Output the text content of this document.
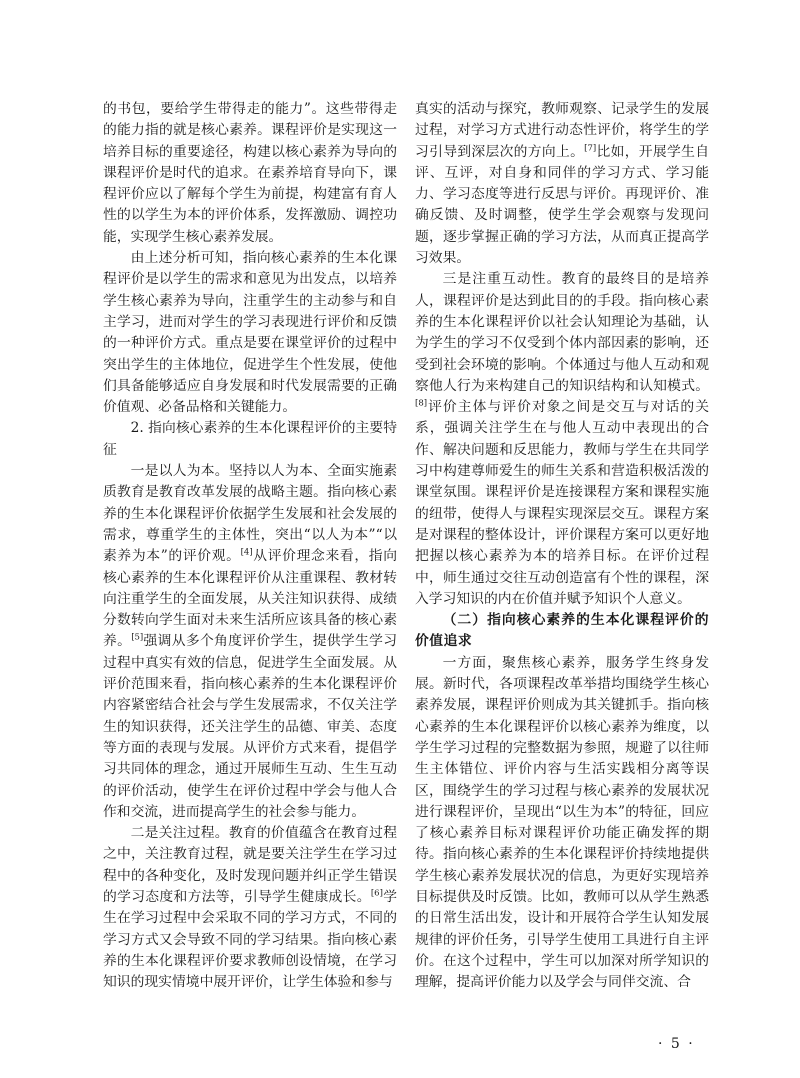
的书包，要给学生带得走的能力”。这些带得走的能力指的就是核心素养。课程评价是实现这一培养目标的重要途径，构建以核心素养为导向的课程评价是时代的追求。在素养培育导向下，课程评价应以了解每个学生为前提，构建富有育人性的以学生为本的评价体系，发挥激励、调控功能，实现学生核心素养发展。

由上述分析可知，指向核心素养的生本化课程评价是以学生的需求和意见为出发点，以培养学生核心素养为导向，注重学生的主动参与和自主学习，进而对学生的学习表现进行评价和反馈的一种评价方式。重点是要在课堂评价的过程中突出学生的主体地位，促进学生个性发展，使他们具备能够适应自身发展和时代发展需要的正确价值观、必备品格和关键能力。

2. 指向核心素养的生本化课程评价的主要特征

一是以人为本。坚持以人为本、全面实施素质教育是教育改革发展的战略主题。指向核心素养的生本化课程评价依据学生发展和社会发展的需求，尊重学生的主体性，突出“以人为本”“以素养为本”的评价观。[4]从评价理念来看，指向核心素养的生本化课程评价从注重课程、教材转向注重学生的全面发展，从关注知识获得、成绩分数转向学生面对未来生活所应该具备的核心素养。[5]强调从多个角度评价学生，提供学生学习过程中真实有效的信息，促进学生全面发展。从评价范围来看，指向核心素养的生本化课程评价内容紧密结合社会与学生发展需求，不仅关注学生的知识获得，还关注学生的品德、审美、态度等方面的表现与发展。从评价方式来看，提倡学习共同体的理念，通过开展师生互动、生生互动的评价活动，使学生在评价过程中学会与他人合作和交流，进而提高学生的社会参与能力。

二是关注过程。教育的价值蕴含在教育过程之中，关注教育过程，就是要关注学生在学习过程中的各种变化，及时发现问题并纠正学生错误的学习态度和方法等，引导学生健康成长。[6]学生在学习过程中会采取不同的学习方式，不同的学习方式又会导致不同的学习结果。指向核心素养的生本化课程评价要求教师创设情境，在学习知识的现实情境中展开评价，让学生体验和参与

真实的活动与探究，教师观察、记录学生的发展过程，对学习方式进行动态性评价，将学生的学习引导到深层次的方向上。[7]比如，开展学生自评、互评，对自身和同伴的学习方式、学习能力、学习态度等进行反思与评价。再现评价、准确反馈、及时调整，使学生学会观察与发现问题，逐步掌握正确的学习方法，从而真正提高学习效果。

三是注重互动性。教育的最终目的是培养人，课程评价是达到此目的的手段。指向核心素养的生本化课程评价以社会认知理论为基础，认为学生的学习不仅受到个体内部因素的影响，还受到社会环境的影响。个体通过与他人互动和观察他人行为来构建自己的知识结构和认知模式。[8]评价主体与评价对象之间是交互与对话的关系，强调关注学生在与他人互动中表现出的合作、解决问题和反思能力，教师与学生在共同学习中构建尊师爱生的师生关系和营造积极活泼的课堂氛围。课程评价是连接课程方案和课程实施的纽带，使得人与课程实现深层交互。课程方案是对课程的整体设计，评价课程方案可以更好地把握以核心素养为本的培养目标。在评价过程中，师生通过交往互动创造富有个性的课程，深入学习知识的内在价值并赋予知识个人意义。

（二）指向核心素养的生本化课程评价的价值追求

一方面，聚焦核心素养，服务学生终身发展。新时代，各项课程改革举措均围绕学生核心素养发展，课程评价则成为其关键抓手。指向核心素养的生本化课程评价以核心素养为维度，以学生学习过程的完整数据为参照，规避了以往师生主体错位、评价内容与生活实践相分离等误区，围绕学生的学习过程与核心素养的发展状况进行课程评价，呈现出“以生为本”的特征，回应了核心素养目标对课程评价功能正确发挥的期待。指向核心素养的生本化课程评价持续地提供学生核心素养发展状况的信息，为更好实现培养目标提供及时反馈。比如，教师可以从学生熟悉的日常生活出发，设计和开展符合学生认知发展规律的评价任务，引导学生使用工具进行自主评价。在这个过程中，学生可以加深对所学知识的理解，提高评价能力以及学会与同伴交流、合

· 5 ·
